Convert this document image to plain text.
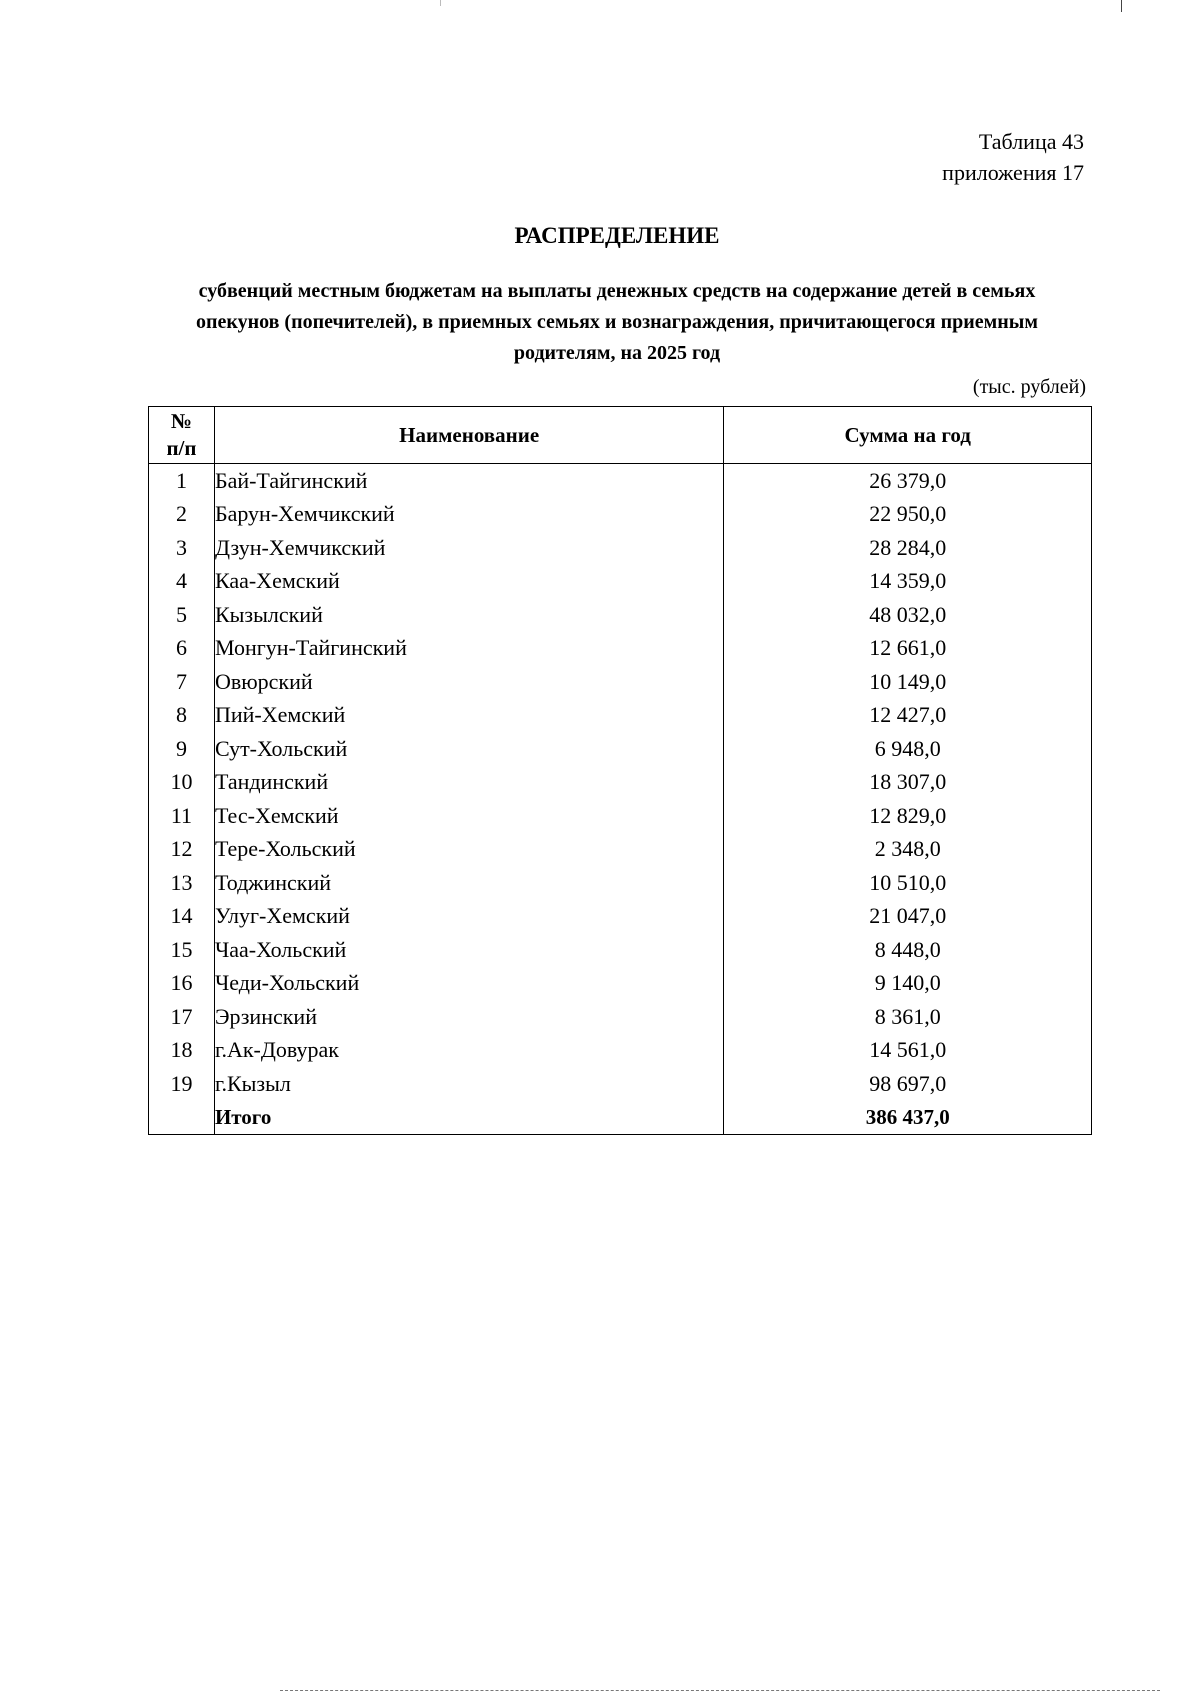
Таблица 43
приложения 17
РАСПРЕДЕЛЕНИЕ
субвенций местным бюджетам на выплаты денежных средств на содержание детей в семьях
опекунов (попечителей), в приемных семьях и вознаграждения, причитающегося приемным
родителям, на 2025 год
(тыс. рублей)
№
п/п	Наименование	Сумма на год
1	Бай-Тайгинский	26 379,0
2	Барун-Хемчикский	22 950,0
3	Дзун-Хемчикский	28 284,0
4	Каа-Хемский	14 359,0
5	Кызылский	48 032,0
6	Монгун-Тайгинский	12 661,0
7	Овюрский	10 149,0
8	Пий-Хемский	12 427,0
9	Сут-Хольский	6 948,0
10	Тандинский	18 307,0
11	Тес-Хемский	12 829,0
12	Тере-Хольский	2 348,0
13	Тоджинский	10 510,0
14	Улуг-Хемский	21 047,0
15	Чаа-Хольский	8 448,0
16	Чеди-Хольский	9 140,0
17	Эрзинский	8 361,0
18	г.Ак-Довурак	14 561,0
19	г.Кызыл	98 697,0
	Итого	386 437,0
